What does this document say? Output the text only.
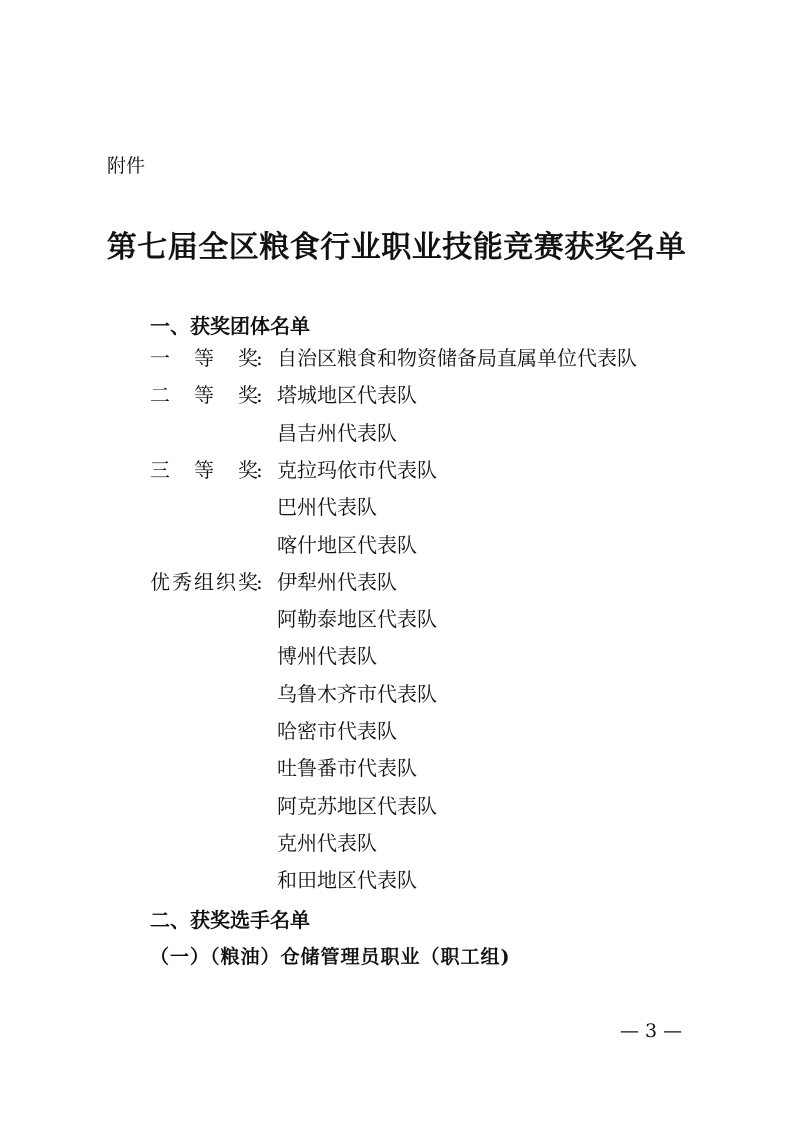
附件
第七届全区粮食行业职业技能竞赛获奖名单
一、获奖团体名单
一 等 奖
: 自治区粮食和物资储备局直属单位代表队
二 等 奖
: 塔城地区代表队
昌吉州代表队
三 等 奖
: 克拉玛依市代表队
巴州代表队
喀什地区代表队
优 秀 组 织 奖
: 伊犁州代表队
阿勒泰地区代表队
博州代表队
乌鲁木齐市代表队
哈密市代表队
吐鲁番市代表队
阿克苏地区代表队
克州代表队
和田地区代表队
二、获奖选手名单
（一）（粮油）仓储管理员职业（职工组)
— 3 —
